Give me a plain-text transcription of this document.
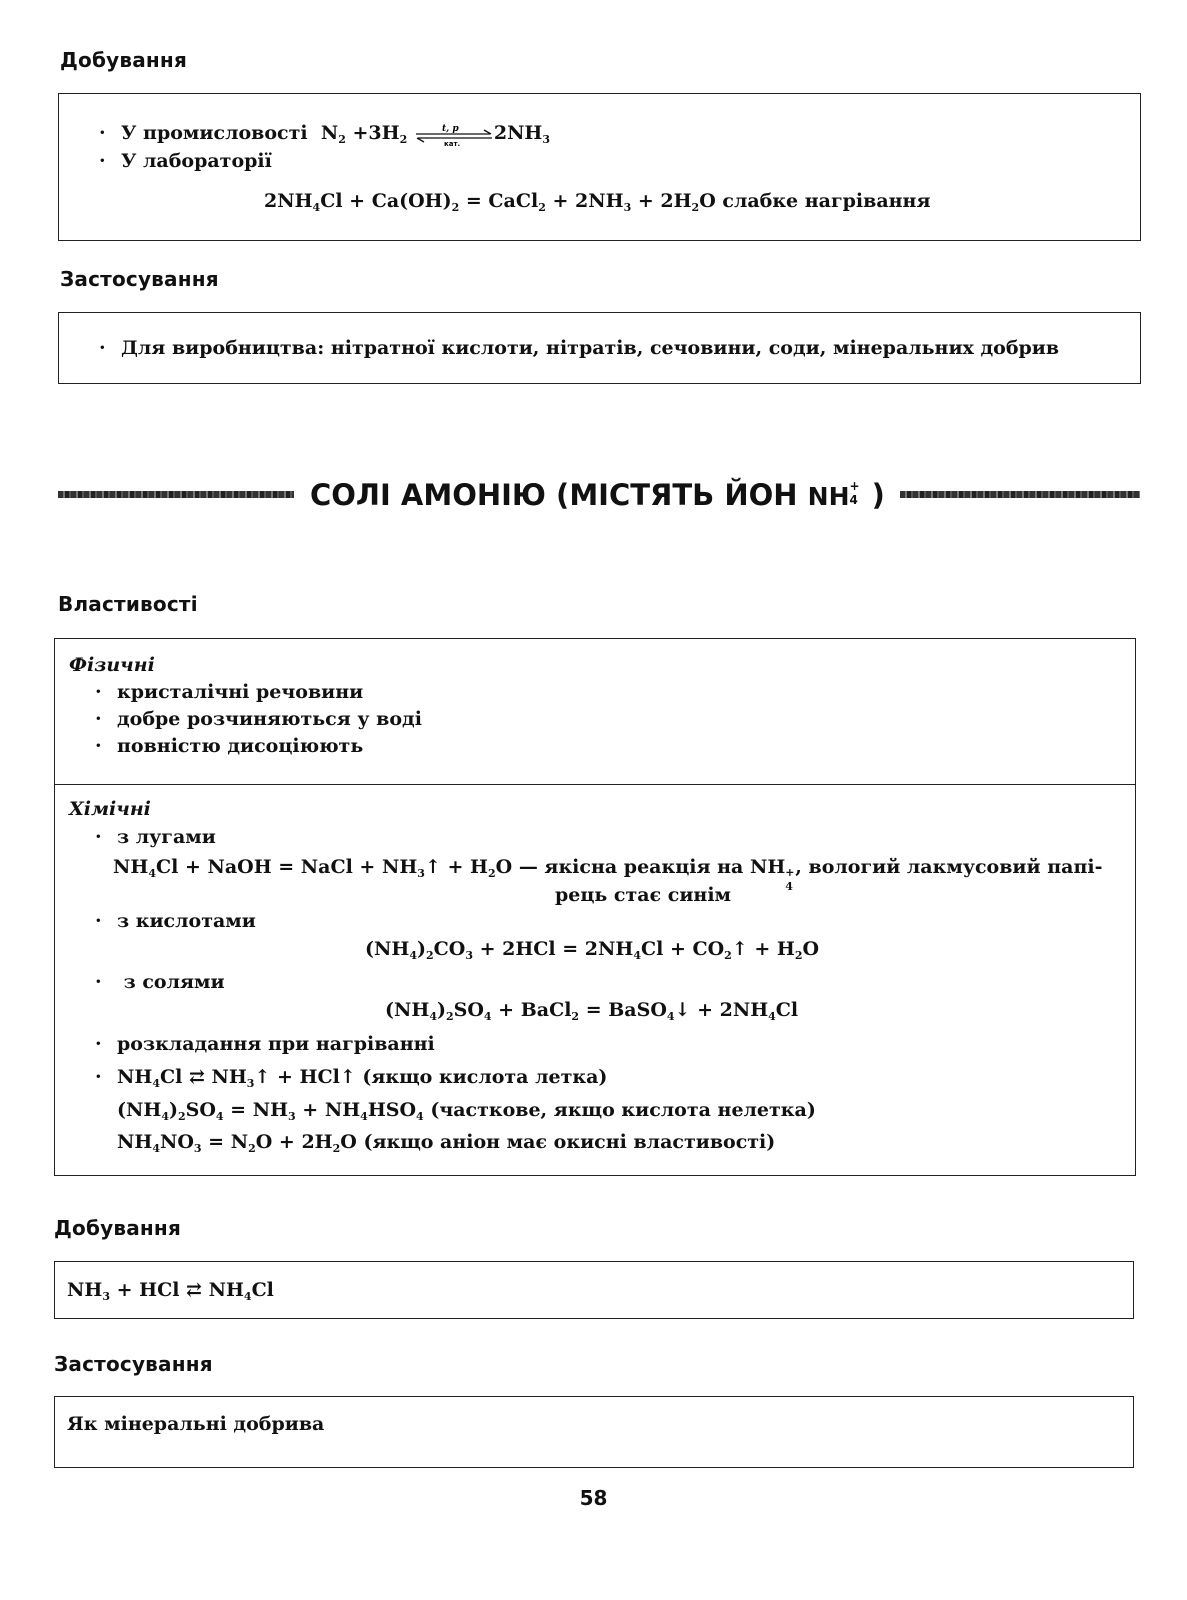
Добування
· У промисловості $N_2 +3H_2$
t, p
кат. $2NH_3$
· У лабораторії
$2NH_4Cl + Ca(OH)_2$ = CaCl$_2$ + $2NH_3 + 2H_2O$ слабке нагрівання
Застосування
· Для виробництва: нітратної кислоти, нітратів, сечовини, соди, мінеральних добрив
СОЛІ АМОНІЮ (МІСТЯТЬ ЙОН NH +
4 )
Властивості
Фізичні
· кристалічні речовини
· добре розчиняються у воді
· повністю дисоціюють
Хімічні
· з лугами
$NH_4Cl$ + NaOH = NaCl + $NH_3↑ + H_2O$ — якісна реакція на NH +
4
, вологий лакмусовий папі-
рець стає синім
· з кислотами
$(NH_4)_2CO_3 + 2HCl = 2NH_4Cl$ + $CO_2↑ + H_2O$
· з солями
$(NH_4)_2SO_4$ + BaCl$_2$ = BaSO$_4$↓ + $2NH_4Cl$
· розкладання при нагріванні
· $NH_4Cl$ ⇄ $NH_3↑$ + HCl↑ (якщо кислота летка)
$(NH_4)_2SO_4 = NH_3 + NH_4HSO_4$ (часткове, якщо кислота нелетка)
$NH_4NO_3 = N_2O + 2H_2O$ (якщо аніон має окисні властивості)
Добування
$NH_3$ + HCl ⇄ $NH_4Cl$
Застосування
Як мінеральні добрива
58
